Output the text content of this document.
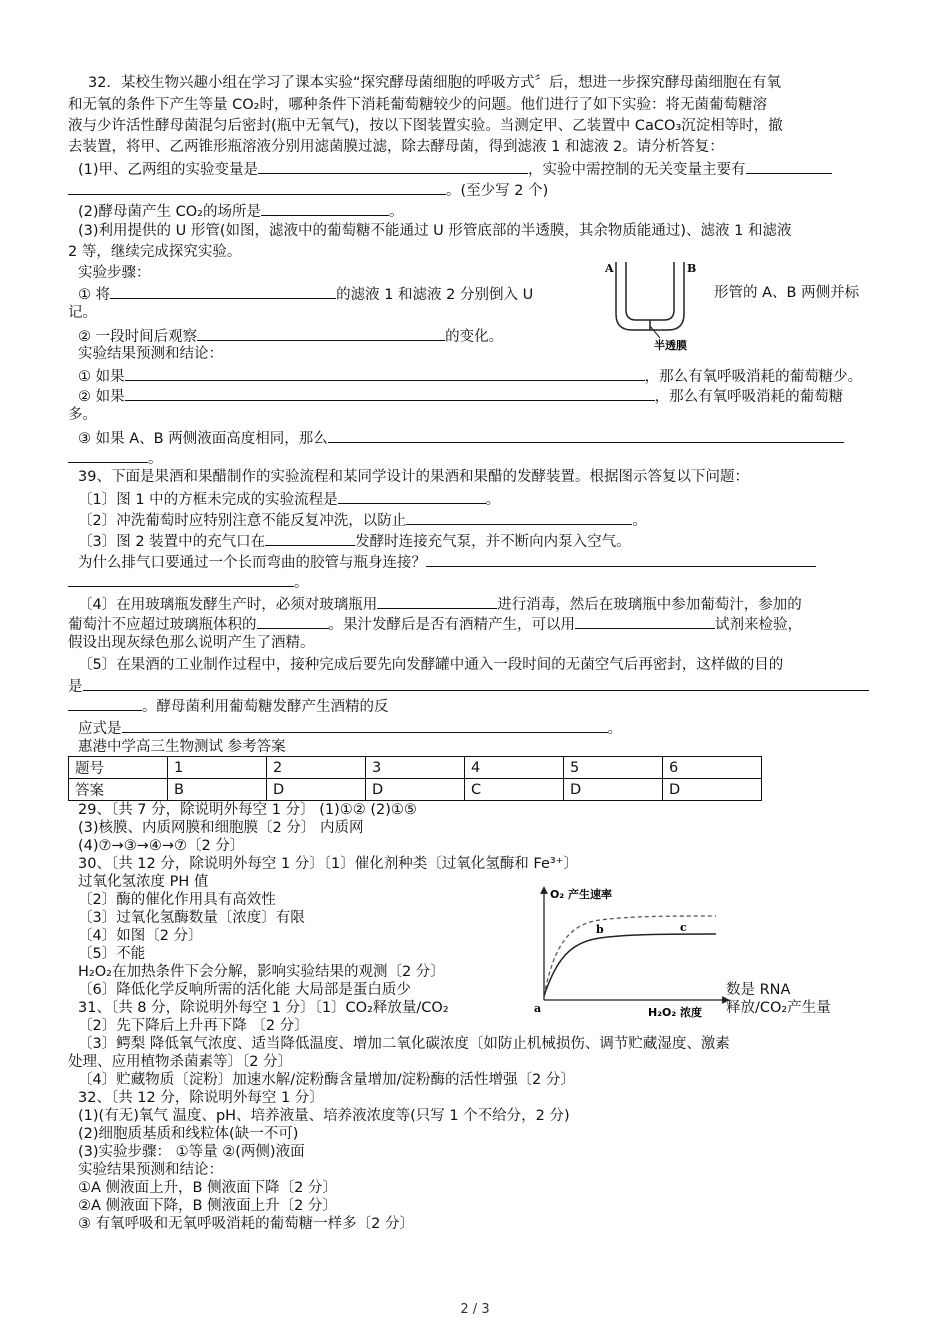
32．某校生物兴趣小组在学习了课本实验“探究酵母菌细胞的呼吸方式〞后，想进一步探究酵母菌细胞在有氧
和无氧的条件下产生等量 CO₂时，哪种条件下消耗葡萄糖较少的问题。他们进行了如下实验：将无菌葡萄糖溶
液与少许活性酵母菌混匀后密封(瓶中无氧气)，按以下图装置实验。当测定甲、乙装置中 CaCO₃沉淀相等时，撤
去装置，将甲、乙两锥形瓶溶液分别用滤菌膜过滤，除去酵母菌，得到滤液 1 和滤液 2。请分析答复：
(1)甲、乙两组的实验变量是	，实验中需控制的无关变量主要有
。(至少写 2 个)
(2)酵母菌产生 CO₂的场所是	。
(3)利用提供的 U 形管(如图，滤液中的葡萄糖不能通过 U 形管底部的半透膜，其余物质能通过)、滤液 1 和滤液
2 等，继续完成探究实验。
实验步骤：
① 将	的滤液 1 和滤液 2 分别倒入 U	形管的 A、B 两侧并标
记。
② 一段时间后观察	的变化。
A	B
半透膜
实验结果预测和结论：
① 如果	，那么有氧呼吸消耗的葡萄糖少。
② 如果	，那么有氧呼吸消耗的葡萄糖
多。
③ 如果 A、B 两侧液面高度相同，那么
。
39、下面是果酒和果醋制作的实验流程和某同学设计的果酒和果醋的发酵装置。根据图示答复以下问题：
〔1〕图 1 中的方框未完成的实验流程是	。
〔2〕冲洗葡萄时应特别注意不能反复冲洗，以防止	。
〔3〕图 2 装置中的充气口在	发酵时连接充气泵，并不断向内泵入空气。
为什么排气口要通过一个长而弯曲的胶管与瓶身连接？
。
〔4〕在用玻璃瓶发酵生产时，必须对玻璃瓶用	进行消毒，然后在玻璃瓶中参加葡萄汁，参加的
葡萄汁不应超过玻璃瓶体积的	。果汁发酵后是否有酒精产生，可以用	试剂来检验，
假设出现灰绿色那么说明产生了酒精。
〔5〕在果酒的工业制作过程中，接种完成后要先向发酵罐中通入一段时间的无菌空气后再密封，这样做的目的
是
。酵母菌利用葡萄糖发酵产生酒精的反
应式是	。
惠港中学高三生物测试 参考答案
题号	1	2	3	4	5	6
答案	B	D	D	C	D	D
29、〔共 7 分，除说明外每空 1 分〕 (1)①② (2)①⑤
(3)核膜、内质网膜和细胞膜〔2 分〕 内质网
(4)⑦→③→④→⑦〔2 分〕
30、〔共 12 分，除说明外每空 1 分〕〔1〕催化剂种类〔过氧化氢酶和 Fe³⁺〕
过氧化氢浓度 PH 值
〔2〕酶的催化作用具有高效性
〔3〕过氧化氢酶数量〔浓度〕有限
〔4〕如图〔2 分〕
〔5〕不能
H₂O₂在加热条件下会分解，影响实验结果的观测〔2 分〕
〔6〕降低化学反响所需的活化能 大局部是蛋白质少	数是 RNA
31、〔共 8 分，除说明外每空 1 分〕〔1〕CO₂释放量/CO₂	释放/CO₂产生量
〔2〕先下降后上升再下降 〔2 分〕
〔3〕鳄梨 降低氧气浓度、适当降低温度、增加二氧化碳浓度〔如防止机械损伤、调节贮藏湿度、激素
处理、应用植物杀菌素等〕〔2 分〕
〔4〕贮藏物质〔淀粉〕加速水解/淀粉酶含量增加/淀粉酶的活性增强〔2 分〕
32、〔共 12 分，除说明外每空 1 分〕
(1)(有无)氧气 温度、pH、培养液量、培养液浓度等(只写 1 个不给分，2 分)
(2)细胞质基质和线粒体(缺一不可)
(3)实验步骤： ①等量 ②(两侧)液面
实验结果预测和结论：
①A 侧液面上升，B 侧液面下降〔2 分〕
②A 侧液面下降，B 侧液面上升〔2 分〕
③ 有氧呼吸和无氧呼吸消耗的葡萄糖一样多〔2 分〕
O₂ 产生速率
H₂O₂ 浓度
a
b	c
2 / 3
